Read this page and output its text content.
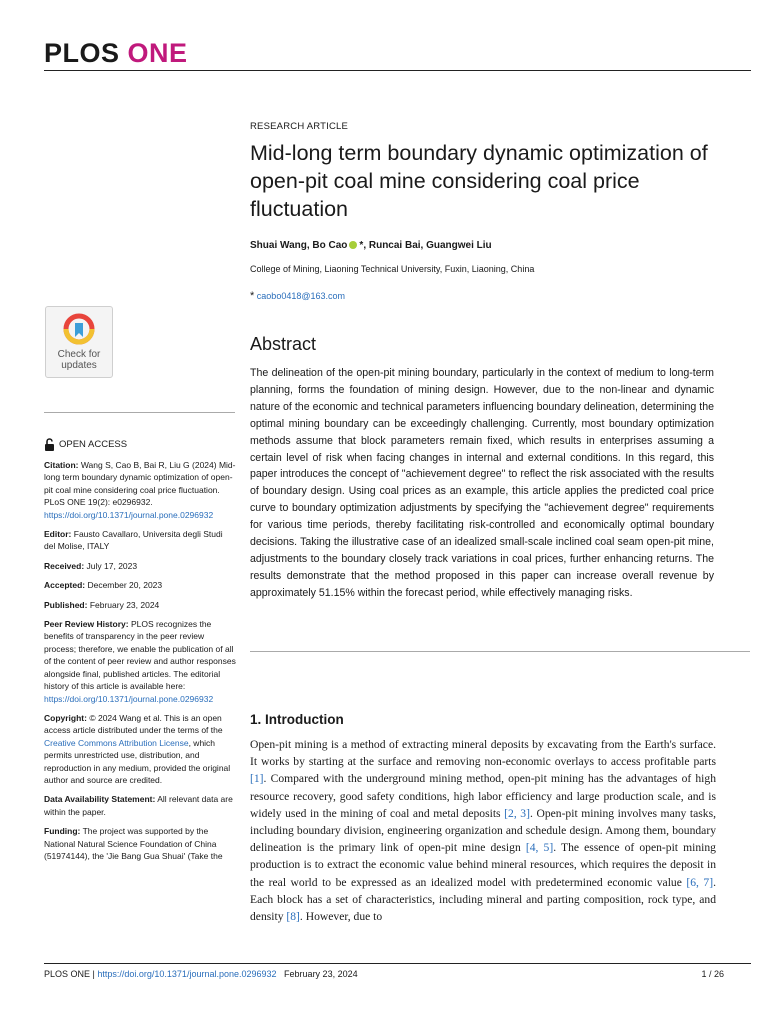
PLOS ONE
RESEARCH ARTICLE
Mid-long term boundary dynamic optimization of open-pit coal mine considering coal price fluctuation
Shuai Wang, Bo Cao *, Runcai Bai, Guangwei Liu
College of Mining, Liaoning Technical University, Fuxin, Liaoning, China
* caobo0418@163.com
Check for
updates
Abstract
The delineation of the open-pit mining boundary, particularly in the context of medium to long-term planning, forms the foundation of mining design. However, due to the non-linear and dynamic nature of the economic and technical parameters influencing boundary delineation, determining the optimal mining boundary can be exceedingly challenging. Currently, most boundary optimization methods assume that block parameters remain fixed, which results in enterprises assuming a certain level of risk when facing changes in internal and external conditions. In this regard, this paper introduces the concept of "achievement degree" to reflect the risk associated with the results of boundary design. Using coal prices as an example, this article applies the predicted coal price curve to boundary optimization adjustments by specifying the "achievement degree" requirements for various time periods, thereby facilitating risk-controlled and economically optimal boundary decisions. Taking the illustrative case of an idealized small-scale inclined coal seam open-pit mine, adjustments to the boundary closely track variations in coal prices, further enhancing returns. The results demonstrate that the method proposed in this paper can increase overall revenue by approximately 51.15% within the forecast period, while effectively managing risks.
OPEN ACCESS

Citation: Wang S, Cao B, Bai R, Liu G (2024) Mid-long term boundary dynamic optimization of open-pit coal mine considering coal price fluctuation. PLoS ONE 19(2): e0296932. https://doi.org/10.1371/journal.pone.0296932

Editor: Fausto Cavallaro, Universita degli Studi del Molise, ITALY

Received: July 17, 2023

Accepted: December 20, 2023

Published: February 23, 2024

Peer Review History: PLOS recognizes the benefits of transparency in the peer review process; therefore, we enable the publication of all of the content of peer review and author responses alongside final, published articles. The editorial history of this article is available here: https://doi.org/10.1371/journal.pone.0296932

Copyright: © 2024 Wang et al. This is an open access article distributed under the terms of the Creative Commons Attribution License, which permits unrestricted use, distribution, and reproduction in any medium, provided the original author and source are credited.

Data Availability Statement: All relevant data are within the paper.

Funding: The project was supported by the National Natural Science Foundation of China (51974144), the 'Jie Bang Gua Shuai' (Take the

1. Introduction
Open-pit mining is a method of extracting mineral deposits by excavating from the Earth's surface. It works by starting at the surface and removing non-economic overlays to access profitable parts [1]. Compared with the underground mining method, open-pit mining has the advantages of high resource recovery, good safety conditions, high labor efficiency and large production scale, and is widely used in the mining of coal and metal deposits [2, 3]. Open-pit mining involves many tasks, including boundary division, engineering organization and schedule design. Among them, boundary delineation is the primary link of open-pit mine design [4, 5]. The essence of open-pit mining production is to extract the economic value behind mineral resources, which requires the deposit in the real world to be expressed as an idealized model with predetermined economic value [6, 7]. Each block has a set of characteristics, including mineral and parting composition, rock type, and density [8]. However, due to
PLOS ONE | https://doi.org/10.1371/journal.pone.0296932 February 23, 2024	1 / 26
